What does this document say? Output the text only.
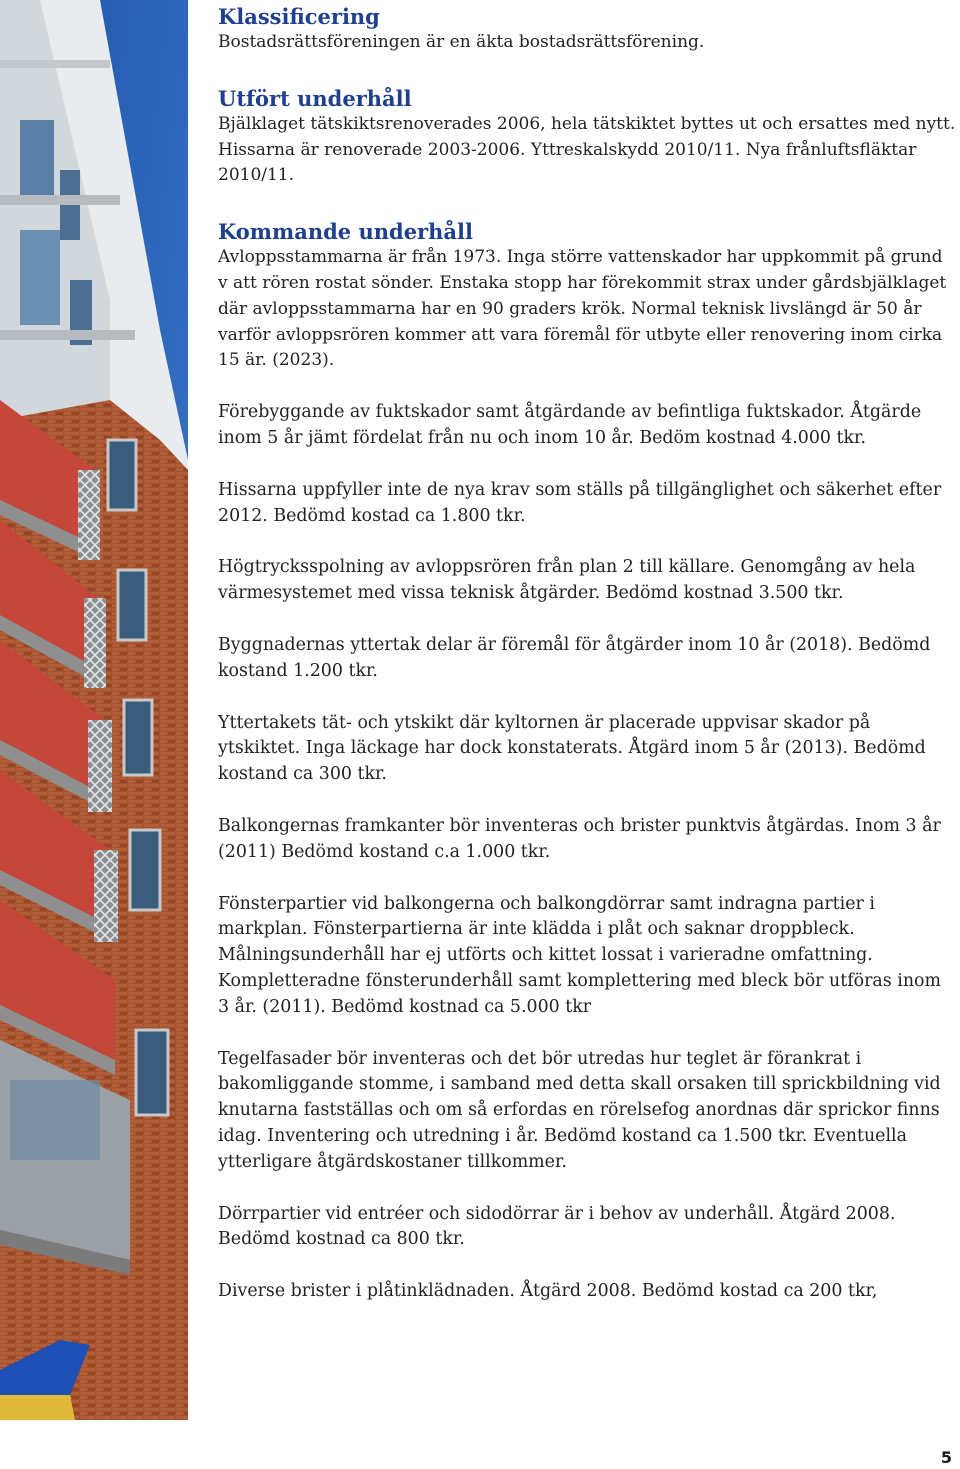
Klassificering

Bostadsrättsföreningen är en äkta bostadsrättsförening.

Utfört underhåll

Bjälklaget tätskiktsrenoverades 2006, hela tätskiktet byttes ut och ersattes med nytt. Hissarna är renoverade 2003-2006. Yttreskalskydd 2010/11. Nya frånluftsfläktar 2010/11.

Kommande underhåll

Avloppsstammarna är från 1973. Inga större vattenskador har uppkommit på grund v att rören rostat sönder. Enstaka stopp har förekommit strax under gårdsbjälklaget där avloppsstammarna har en 90 graders krök. Normal teknisk livslängd är 50 år varför avloppsrören kommer att vara föremål för utbyte eller renovering inom cirka 15 är. (2023).

Förebyggande av fuktskador samt åtgärdande av befintliga fuktskador. Åtgärde inom 5 år jämt fördelat från nu och inom 10 år. Bedöm kostnad 4.000 tkr.

Hissarna uppfyller inte de nya krav som ställs på tillgänglighet och säkerhet efter 2012. Bedömd kostad ca 1.800 tkr.

Högtrycksspolning av avloppsrören från plan 2 till källare. Genomgång av hela värmesystemet med vissa teknisk åtgärder. Bedömd kostnad 3.500 tkr.

Byggnadernas yttertak delar är föremål för åtgärder inom 10 år (2018). Bedömd kostand 1.200 tkr.

Yttertakets tät- och ytskikt där kyltornen är placerade uppvisar skador på ytskiktet. Inga läckage har dock konstaterats. Åtgärd inom 5 år (2013). Bedömd kostand ca 300 tkr.

Balkongernas framkanter bör inventeras och brister punktvis åtgärdas. Inom 3 år (2011) Bedömd kostand c.a 1.000 tkr.

Fönsterpartier vid balkongerna och balkongdörrar samt indragna partier i markplan. Fönsterpartierna är inte klädda i plåt och saknar droppbleck. Målningsunderhåll har ej utförts och kittet lossat i varieradne omfattning. Kompletteradne fönsterunderhåll samt komplettering med bleck bör utföras inom 3 år. (2011). Bedömd kostnad ca 5.000 tkr

Tegelfasader bör inventeras och det bör utredas hur teglet är förankrat i bakomliggande stomme, i samband med detta skall orsaken till sprickbildning vid knutarna fastställas och om så erfordas en rörelsefog anordnas där sprickor finns idag. Inventering och utredning i år. Bedömd kostand ca 1.500 tkr. Eventuella ytterligare åtgärdskostaner tillkommer.

Dörrpartier vid entréer och sidodörrar är i behov av underhåll. Åtgärd 2008. Bedömd kostnad ca 800 tkr.

Diverse brister i plåtinklädnaden. Åtgärd 2008. Bedömd kostad ca 200 tkr,

5
